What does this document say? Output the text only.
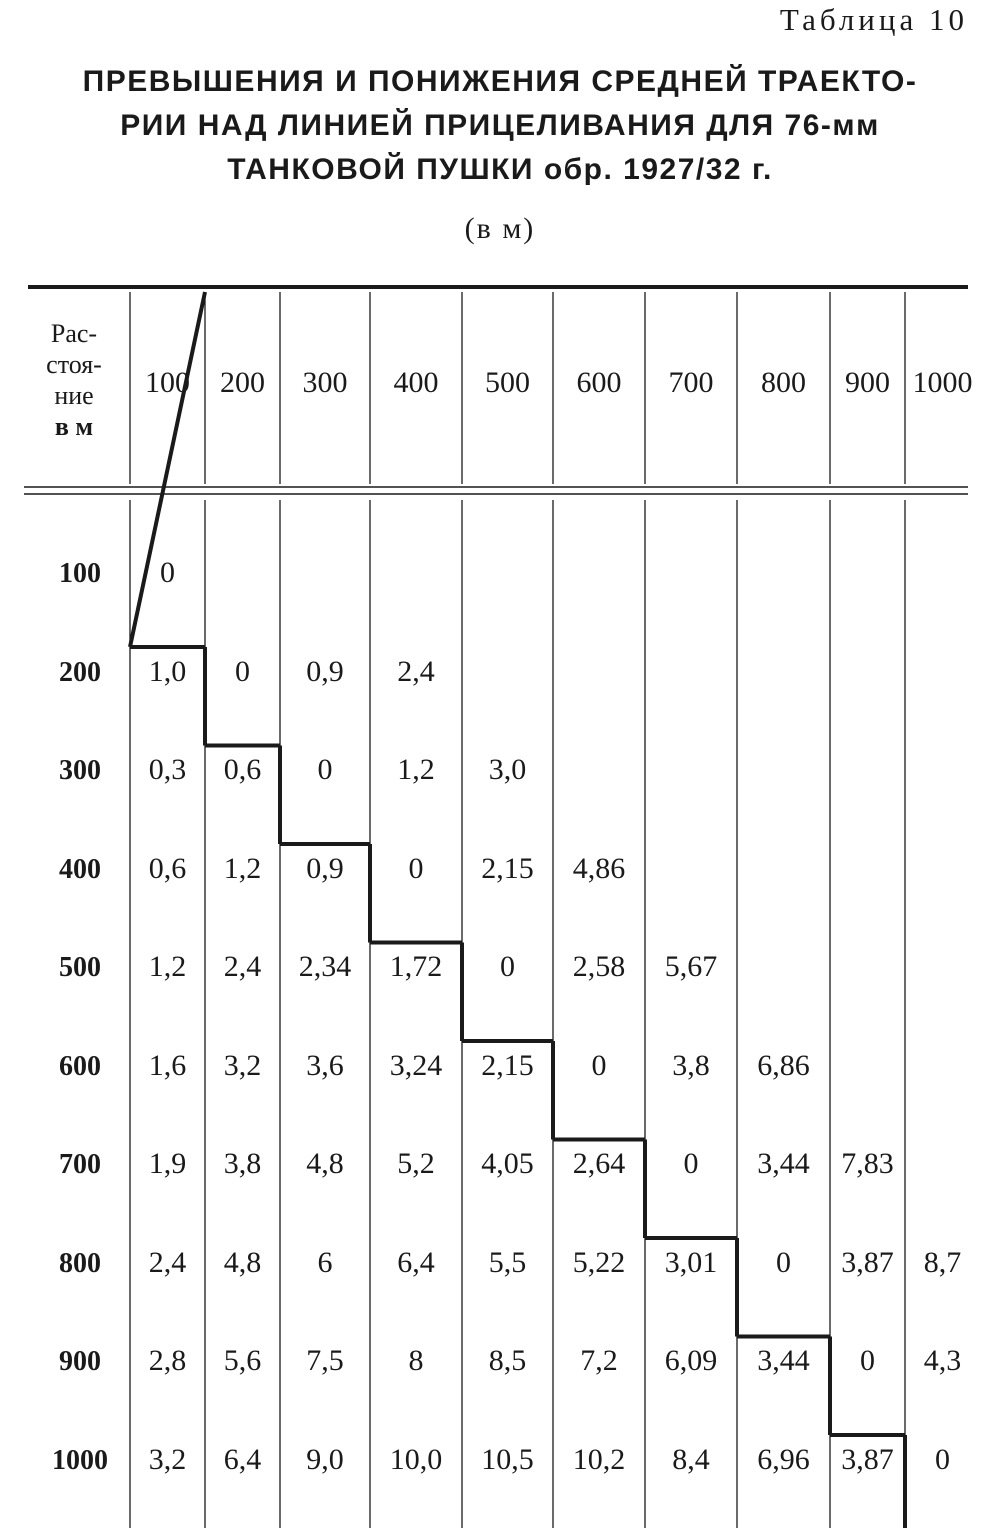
Таблица 10
ПРЕВЫШЕНИЯ И ПОНИЖЕНИЯ СРЕДНЕЙ ТРАЕКТО-
РИИ НАД ЛИНИЕЙ ПРИЦЕЛИВАНИЯ ДЛЯ 76-мм
ТАНКОВОЙ ПУШКИ обр. 1927/32 г.
(в м)
Рас-
стоя-
ние
в м
100	200	300	400	500	600	700	800	900 1000
100	0
200	1,0	0	0,9	2,4
300	0,3	0,6	0	1,2	3,0
400	0,6	1,2	0,9	0	2,15	4,86
500	1,2	2,4	2,34	1,72	0	2,58	5,67
600	1,6	3,2	3,6	3,24	2,15	0	3,8	6,86
700	1,9	3,8	4,8	5,2	4,05	2,64	0	3,44	7,83
800	2,4	4,8	6	6,4	5,5	5,22	3,01	0	3,87	8,7
900	2,8	5,6	7,5	8	8,5	7,2	6,09	3,44	0	4,3
1000	3,2	6,4	9,0	10,0	10,5	10,2	8,4	6,96	3,87	0
